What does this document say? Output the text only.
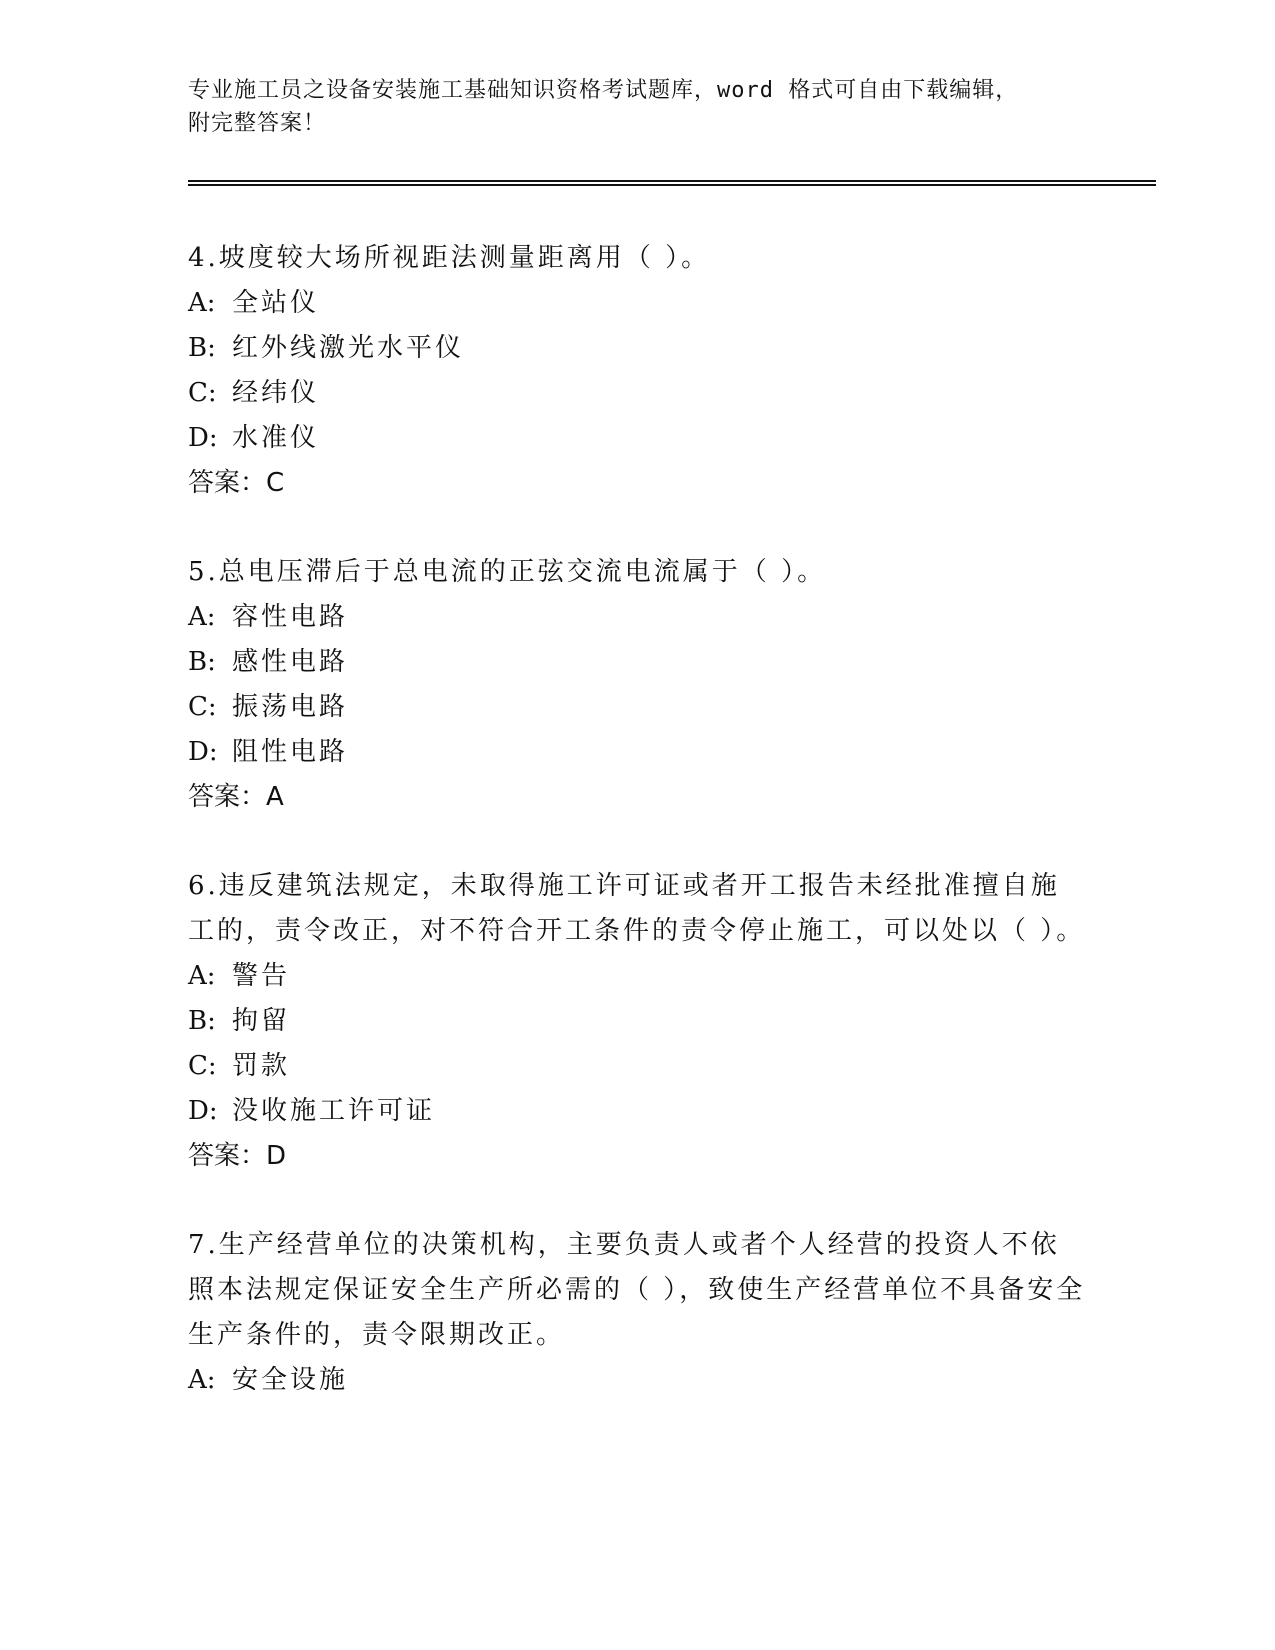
专业施工员之设备安装施工基础知识资格考试题库，word 格式可自由下载编辑，
附完整答案！

4.坡度较大场所视距法测量距离用（ ）。

A: 全站仪

B: 红外线激光水平仪

C: 经纬仪

D: 水准仪

答案：C

5.总电压滞后于总电流的正弦交流电流属于（ ）。

A: 容性电路

B: 感性电路

C: 振荡电路

D: 阻性电路

答案：A

6.违反建筑法规定，未取得施工许可证或者开工报告未经批准擅自施工的，责令改正，对不符合开工条件的责令停止施工，可以处以（ ）。

A: 警告

B: 拘留

C: 罚款

D: 没收施工许可证

答案：D

7.生产经营单位的决策机构，主要负责人或者个人经营的投资人不依照本法规定保证安全生产所必需的（ ），致使生产经营单位不具备安全生产条件的，责令限期改正。

A: 安全设施
